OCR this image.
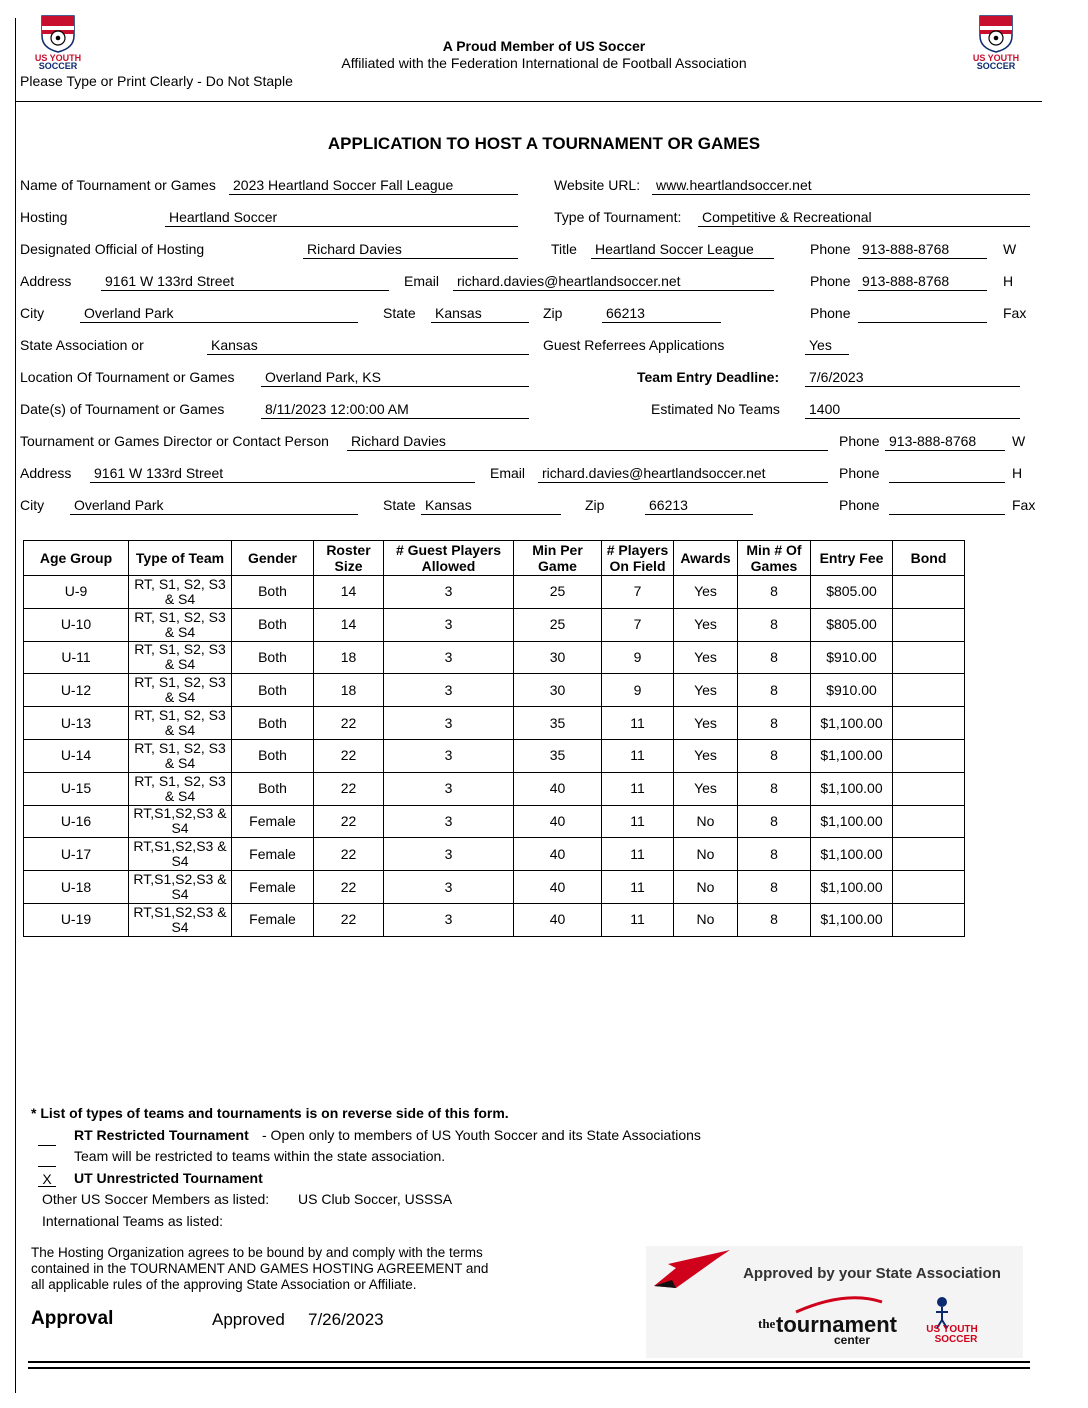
US YOUTH
SOCCER
US YOUTH
SOCCER
A Proud Member of US Soccer
Affiliated with the Federation International de Football Association
Please Type or Print Clearly - Do Not Staple
APPLICATION TO HOST A TOURNAMENT OR GAMES
Name of Tournament or Games 2023 Heartland Soccer Fall League	Website URL: www.heartlandsoccer.net
Hosting	Heartland Soccer	Type of Tournament: Competitive & Recreational
Designated Official of Hosting	Richard Davies	Title Heartland Soccer League	Phone 913-888-8768	W
Address 9161 W 133rd Street	Email richard.davies@heartlandsoccer.net	Phone 913-888-8768	H
City	Overland Park	State Kansas	Zip	66213	Phone	Fax
State Association or	Kansas	Guest Referrees Applications	Yes
Location Of Tournament or Games Overland Park, KS	Team Entry Deadline: 7/6/2023
Date(s) of Tournament or Games	8/11/2023 12:00:00 AM	Estimated No Teams 1400
Tournament or Games Director or Contact Person Richard Davies	Phone 913-888-8768	W
Address 9161 W 133rd Street	Email richard.davies@heartlandsoccer.net	Phone	H
City Overland Park	State Kansas	Zip	66213	Phone	Fax
Age Group	Type of Team	Gender	Roster Size	# Guest Players Allowed	Min Per Game	# Players On Field	Awards	Min # Of Games	Entry Fee	Bond
U-9	RT, S1, S2, S3 & S4	Both	14	3	25	7	Yes	8	$805.00	
U-10	RT, S1, S2, S3 & S4	Both	14	3	25	7	Yes	8	$805.00	
U-11	RT, S1, S2, S3 & S4	Both	18	3	30	9	Yes	8	$910.00	
U-12	RT, S1, S2, S3 & S4	Both	18	3	30	9	Yes	8	$910.00	
U-13	RT, S1, S2, S3 & S4	Both	22	3	35	11	Yes	8	$1,100.00	
U-14	RT, S1, S2, S3 & S4	Both	22	3	35	11	Yes	8	$1,100.00	
U-15	RT, S1, S2, S3 & S4	Both	22	3	40	11	Yes	8	$1,100.00	
U-16	RT,S1,S2,S3 & S4	Female	22	3	40	11	No	8	$1,100.00	
U-17	RT,S1,S2,S3 & S4	Female	22	3	40	11	No	8	$1,100.00	
U-18	RT,S1,S2,S3 & S4	Female	22	3	40	11	No	8	$1,100.00	
U-19	RT,S1,S2,S3 & S4	Female	22	3	40	11	No	8	$1,100.00	
* List of types of teams and tournaments is on reverse side of this form.
RT Restricted Tournament - Open only to members of US Youth Soccer and its State Associations
Team will be restricted to teams within the state association.
X	UT Unrestricted Tournament
Other US Soccer Members as listed: US Club Soccer, USSSA
International Teams as listed:
The Hosting Organization agrees to be bound by and comply with the terms
contained in the TOURNAMENT AND GAMES HOSTING AGREEMENT and
all applicable rules of the approving State Association or Affiliate.
Approval	Approved 7/26/2023
Approved by your State Association
the tournament
center
US YOUTH
SOCCER
